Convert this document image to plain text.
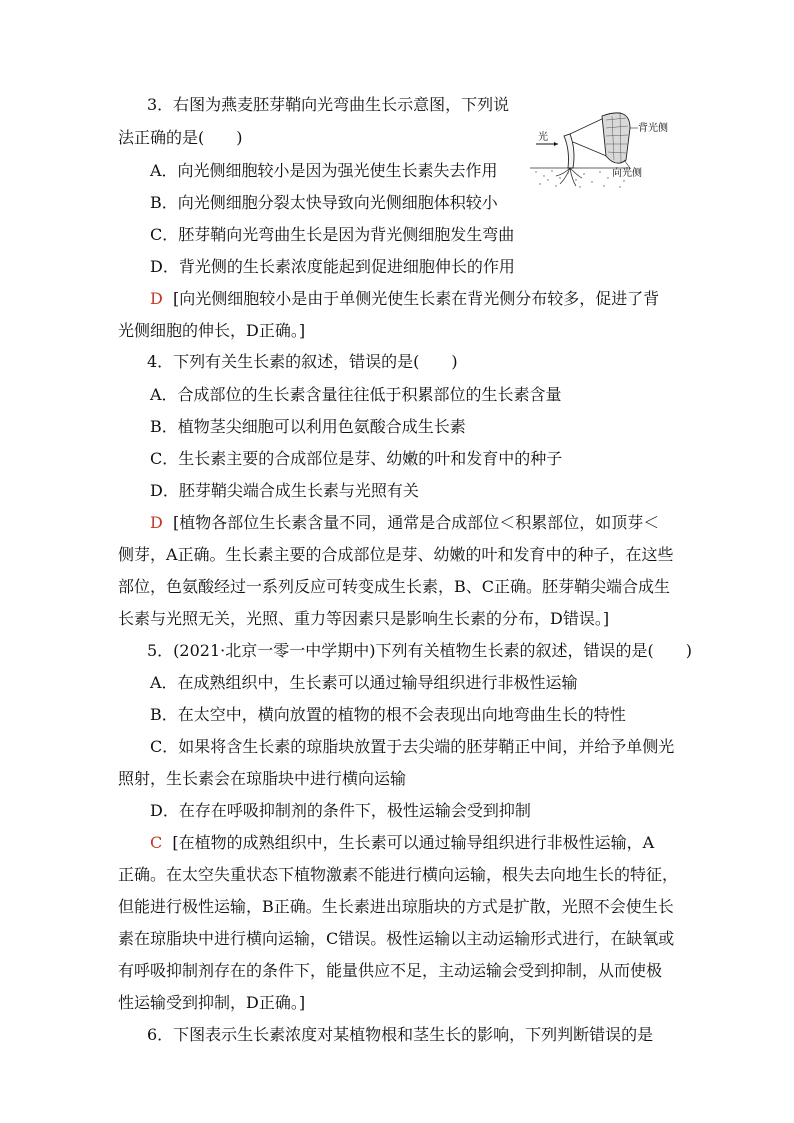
3．右图为燕麦胚芽鞘向光弯曲生长示意图，下列说
法正确的是(　　)
A．向光侧细胞较小是因为强光使生长素失去作用
B．向光侧细胞分裂太快导致向光侧细胞体积较小
C．胚芽鞘向光弯曲生长是因为背光侧细胞发生弯曲
D．背光侧的生长素浓度能起到促进细胞伸长的作用
D [向光侧细胞较小是由于单侧光使生长素在背光侧分布较多，促进了背
光侧细胞的伸长，D正确。]
光
背光侧
向光侧
4．下列有关生长素的叙述，错误的是(　　)
A．合成部位的生长素含量往往低于积累部位的生长素含量
B．植物茎尖细胞可以利用色氨酸合成生长素
C．生长素主要的合成部位是芽、幼嫩的叶和发育中的种子
D．胚芽鞘尖端合成生长素与光照有关
D [植物各部位生长素含量不同，通常是合成部位＜积累部位，如顶芽＜
侧芽，A正确。生长素主要的合成部位是芽、幼嫩的叶和发育中的种子，在这些
部位，色氨酸经过一系列反应可转变成生长素，B、C正确。胚芽鞘尖端合成生
长素与光照无关，光照、重力等因素只是影响生长素的分布，D错误。]
5．(2021·北京一零一中学期中)下列有关植物生长素的叙述，错误的是(　　)
A．在成熟组织中，生长素可以通过输导组织进行非极性运输
B．在太空中，横向放置的植物的根不会表现出向地弯曲生长的特性
C．如果将含生长素的琼脂块放置于去尖端的胚芽鞘正中间，并给予单侧光
照射，生长素会在琼脂块中进行横向运输
D．在存在呼吸抑制剂的条件下，极性运输会受到抑制
C [在植物的成熟组织中，生长素可以通过输导组织进行非极性运输，A
正确。在太空失重状态下植物激素不能进行横向运输，根失去向地生长的特征，
但能进行极性运输，B正确。生长素进出琼脂块的方式是扩散，光照不会使生长
素在琼脂块中进行横向运输，C错误。极性运输以主动运输形式进行，在缺氧或
有呼吸抑制剂存在的条件下，能量供应不足，主动运输会受到抑制，从而使极
性运输受到抑制，D正确。]
6．下图表示生长素浓度对某植物根和茎生长的影响，下列判断错误的是
